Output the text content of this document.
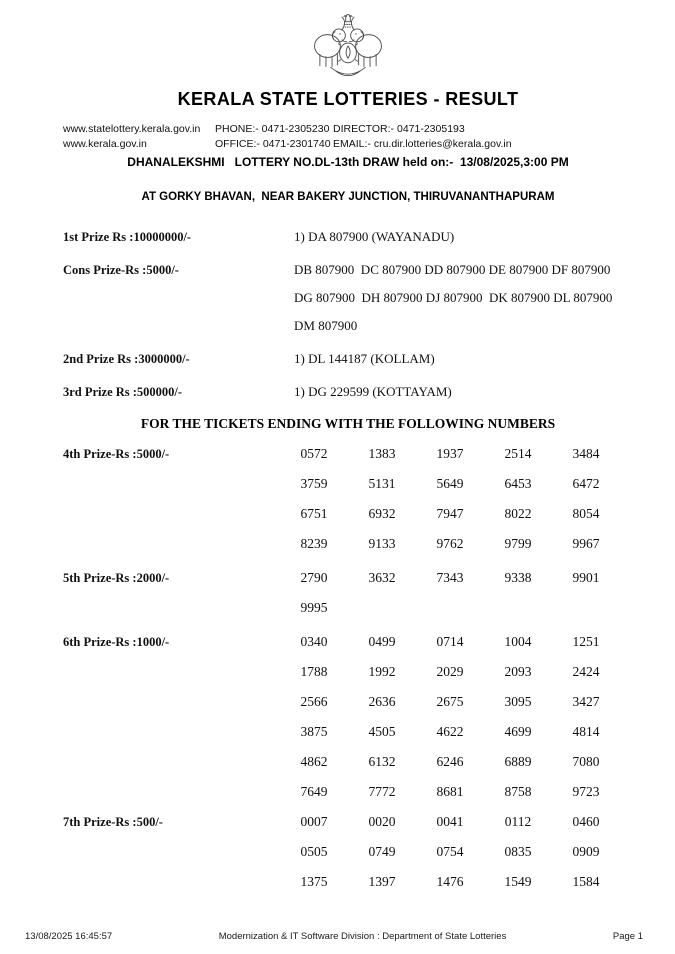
KERALA STATE LOTTERIES - RESULT
www.statelottery.kerala.gov.in	PHONE:- 0471-2305230 DIRECTOR:- 0471-2305193
www.kerala.gov.in	OFFICE:- 0471-2301740 EMAIL:- cru.dir.lotteries@kerala.gov.in
DHANALEKSHMI   LOTTERY NO.DL-13th DRAW held on:-  13/08/2025,3:00 PM
AT GORKY BHAVAN,  NEAR BAKERY JUNCTION, THIRUVANANTHAPURAM
1st Prize Rs :10000000/-	1) DA 807900 (WAYANADU)
Cons Prize-Rs :5000/-	DB 807900  DC 807900 DD 807900 DE 807900 DF 807900
DG 807900  DH 807900 DJ 807900  DK 807900 DL 807900
DM 807900
2nd Prize Rs :3000000/-	1) DL 144187 (KOLLAM)
3rd Prize Rs :500000/-	1) DG 229599 (KOTTAYAM)
FOR THE TICKETS ENDING WITH THE FOLLOWING NUMBERS
4th Prize-Rs :5000/-	0572	1383	1937	2514	3484
3759	5131	5649	6453	6472
6751	6932	7947	8022	8054
8239	9133	9762	9799	9967
5th Prize-Rs :2000/-	2790	3632	7343	9338	9901
9995
6th Prize-Rs :1000/-	0340	0499	0714	1004	1251
1788	1992	2029	2093	2424
2566	2636	2675	3095	3427
3875	4505	4622	4699	4814
4862	6132	6246	6889	7080
7649	7772	8681	8758	9723
7th Prize-Rs :500/-	0007	0020	0041	0112	0460
0505	0749	0754	0835	0909
1375	1397	1476	1549	1584
13/08/2025 16:45:57	Modernization & IT Software Division : Department of State Lotteries	Page 1
